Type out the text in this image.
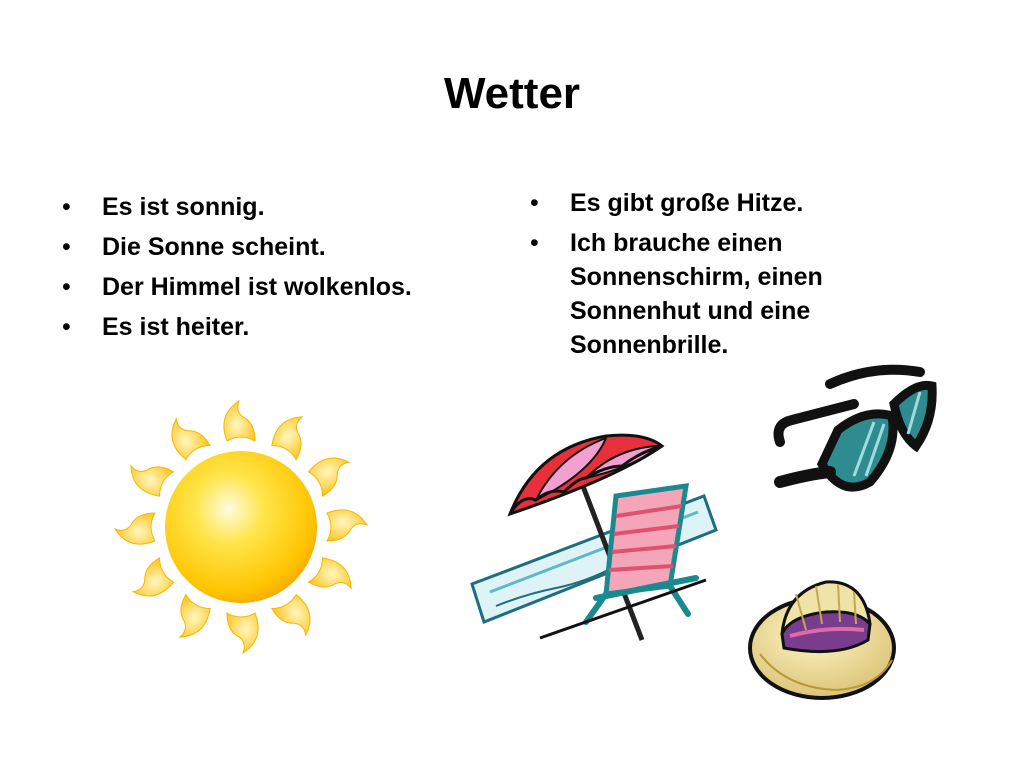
Wetter
• Es ist sonnig.
• Die Sonne scheint.
• Der Himmel ist wolkenlos.
• Es ist heiter.
• Es gibt große Hitze.
• Ich brauche einen Sonnenschirm, einen Sonnenhut und eine Sonnenbrille.
